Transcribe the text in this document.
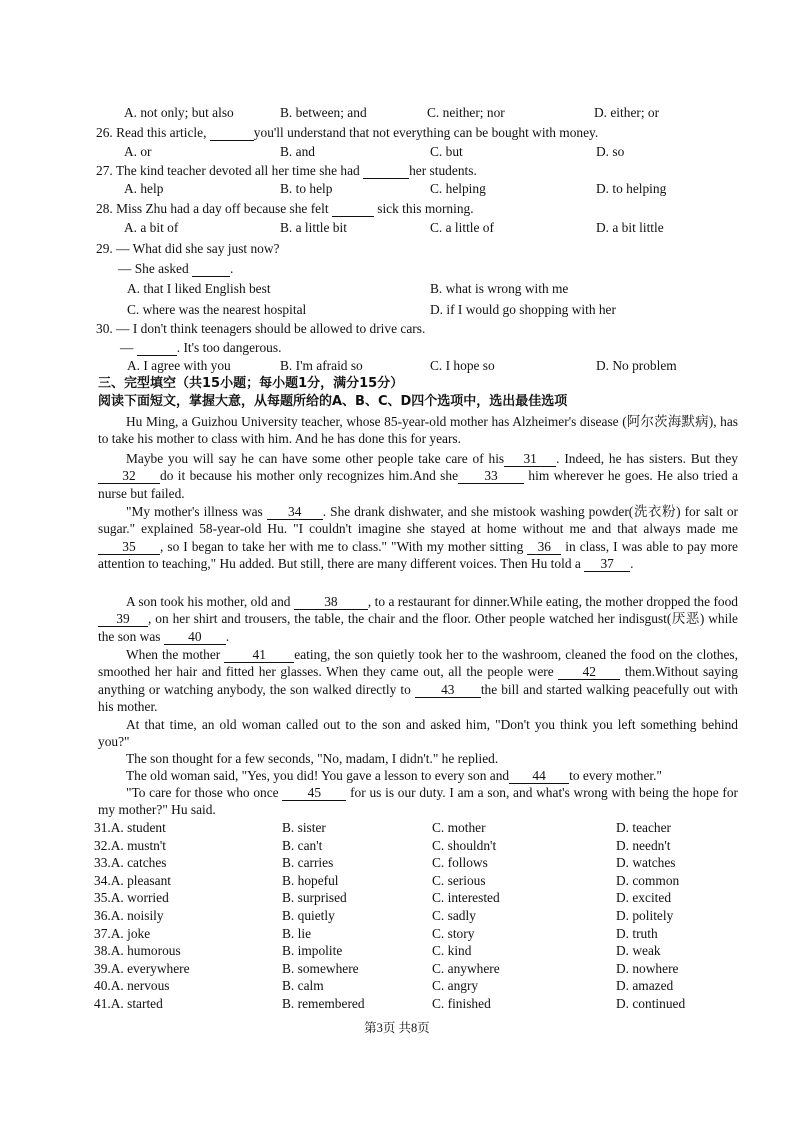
A. not only; but also	B. between; and	C. neither; nor	D. either; or
26. Read this article,	you'll understand that not everything can be bought with money.
A. or	B. and	C. but	D. so
27. The kind teacher devoted all her time she had	her students.
A. help	B. to help	C. helping	D. to helping
28. Miss Zhu had a day off because she felt	sick this morning.
A. a bit of	B. a little bit	C. a little of	D. a bit little
29. — What did she say just now?
— She asked	.
A. that I liked English best	B. what is wrong with me
C. where was the nearest hospital	D. if I would go shopping with her
30. — I don't think teenagers should be allowed to drive cars.
—	. It's too dangerous.
A. I agree with you	B. I'm afraid so	C. I hope so	D. No problem
三、完型填空（共15小题；每小题1分，满分15分）
阅读下面短文，掌握大意，从每题所给的A、B、C、D四个选项中，选出最佳选项
Hu Ming, a Guizhou University teacher, whose 85-year-old mother has Alzheimer's disease (阿尔茨海默病), has to take his mother to class with him. And he has done this for years.
Maybe you will say he can have some other people take care of his 31 . Indeed, he has sisters. But they32 do it because his mother only recognizes him.And she 33 him wherever he goes. He also tried a nurse but failed.
"My mother's illness was 34 . She drank dishwater, and she mistook washing powder(洗衣粉) for salt or sugar." explained 58-year-old Hu. "I couldn't imagine she stayed at home without me and that always made me35 , so I began to take her with me to class." "With my mother sitting 36 in class, I was able to pay more attention to teaching," Hu added. But still, there are many different voices. Then Hu told a 37 .
A son took his mother, old and 38 , to a restaurant for dinner.While eating, the mother dropped the food 39 , on her shirt and trousers, the table, the chair and the floor. Other people watched her indisgust(厌恶) while the son was 40 .
When the mother 41 eating, the son quietly took her to the washroom, cleaned the food on the clothes, smoothed her hair and fitted her glasses. When they came out, all the people were 42 them.Without saying anything or watching anybody, the son walked directly to 43 the bill and started walking peacefully out with his mother.
At that time, an old woman called out to the son and asked him, "Don't you think you left something behind you?"
The son thought for a few seconds, "No, madam, I didn't." he replied.
The old woman said, "Yes, you did! You gave a lesson to every son and 44 to every mother."
"To care for those who once 45 for us is our duty. I am a son, and what's wrong with being the hope for my mother?" Hu said.
31.A. student	B. sister	C. mother	D. teacher
32.A. mustn't	B. can't	C. shouldn't	D. needn't
33.A. catches	B. carries	C. follows	D. watches
34.A. pleasant	B. hopeful	C. serious	D. common
35.A. worried	B. surprised	C. interested	D. excited
36.A. noisily	B. quietly	C. sadly	D. politely
37.A. joke	B. lie	C. story	D. truth
38.A. humorous	B. impolite	C. kind	D. weak
39.A. everywhere	B. somewhere	C. anywhere	D. nowhere
40.A. nervous	B. calm	C. angry	D. amazed
41.A. started	B. remembered	C. finished	D. continued
第3页 共8页
